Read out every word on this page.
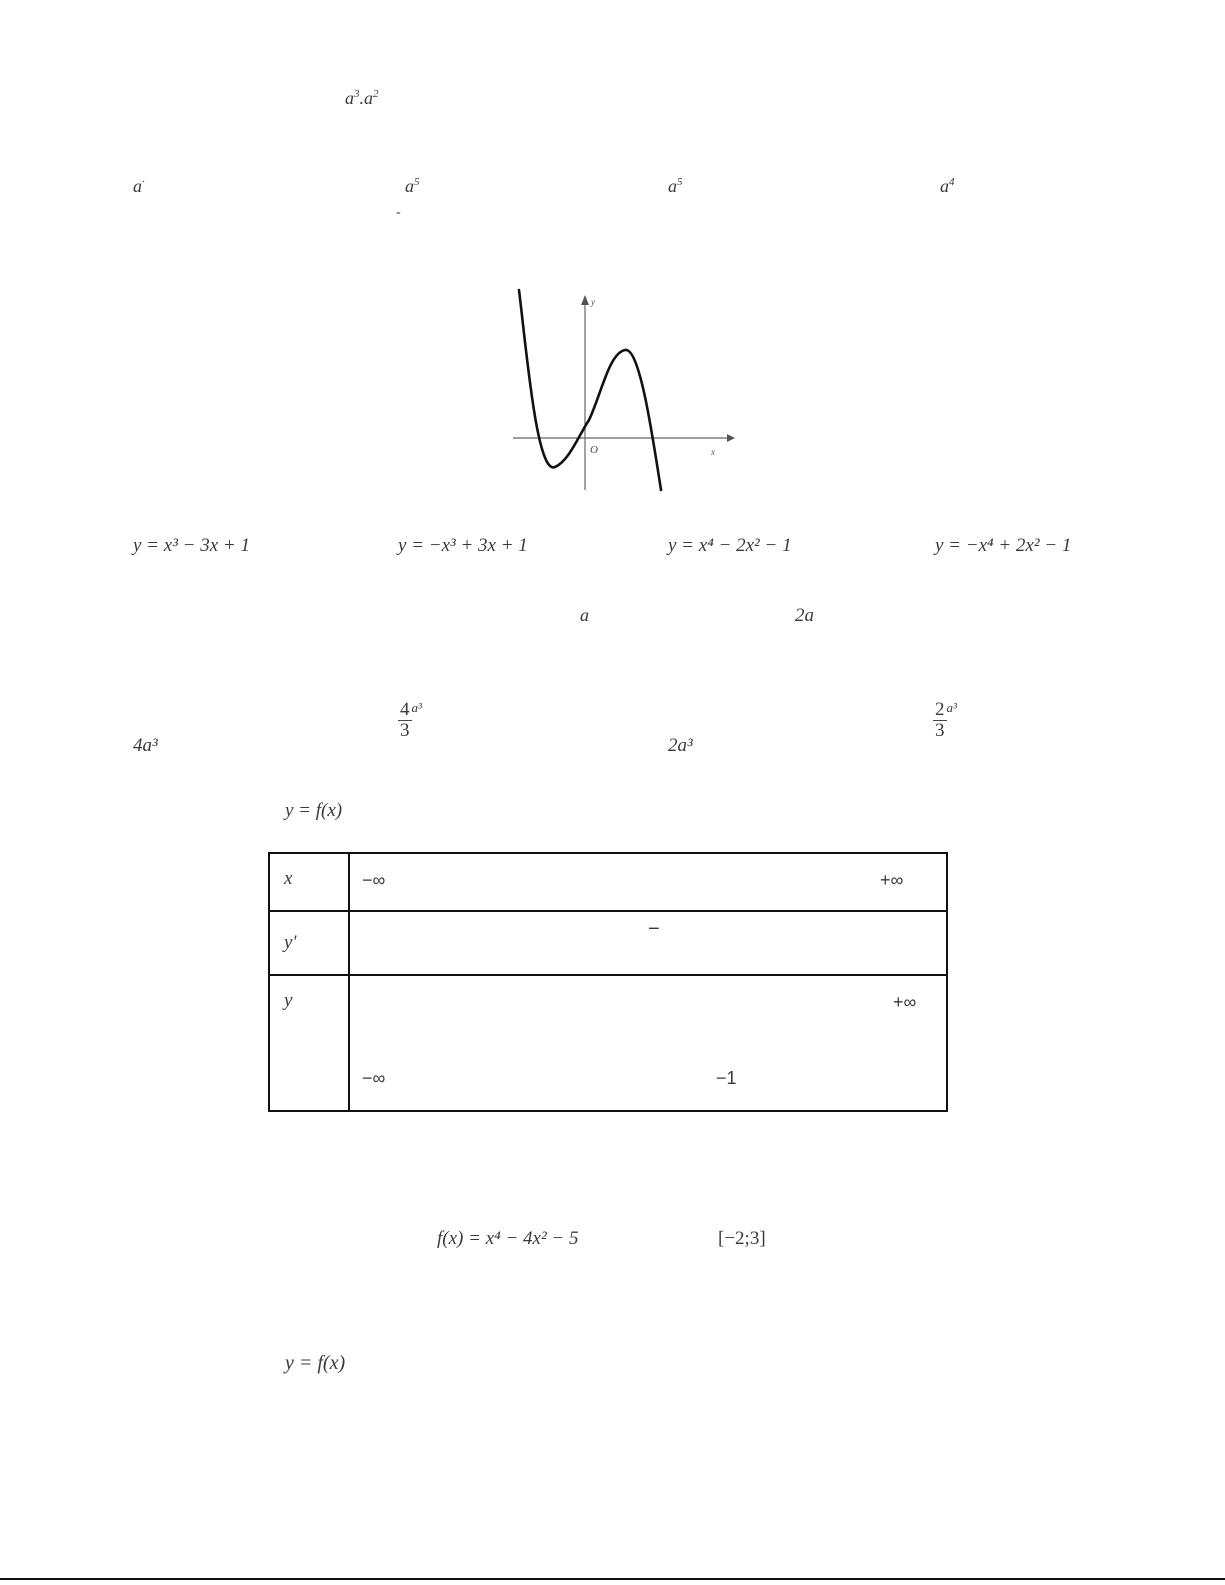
$a^3.a^2$
a·	$a^5$
-
$a^5$	$a^4$
y
x
O
y = x³ − 3x + 1	y = −x³ + 3x + 1	y = x⁴ − 2x² − 1	y = −x⁴ + 2x² − 1
a	2a
4a³
$\frac{4}{3} ^{a^3}$
2a³
$\frac{2}{3} ^{a^3}$
y = f(x)
x	−∞ +∞

y'	−

y	+∞
−∞ −1
f(x) = x⁴ − 4x² − 5	[−2;3]
y = f(x)
